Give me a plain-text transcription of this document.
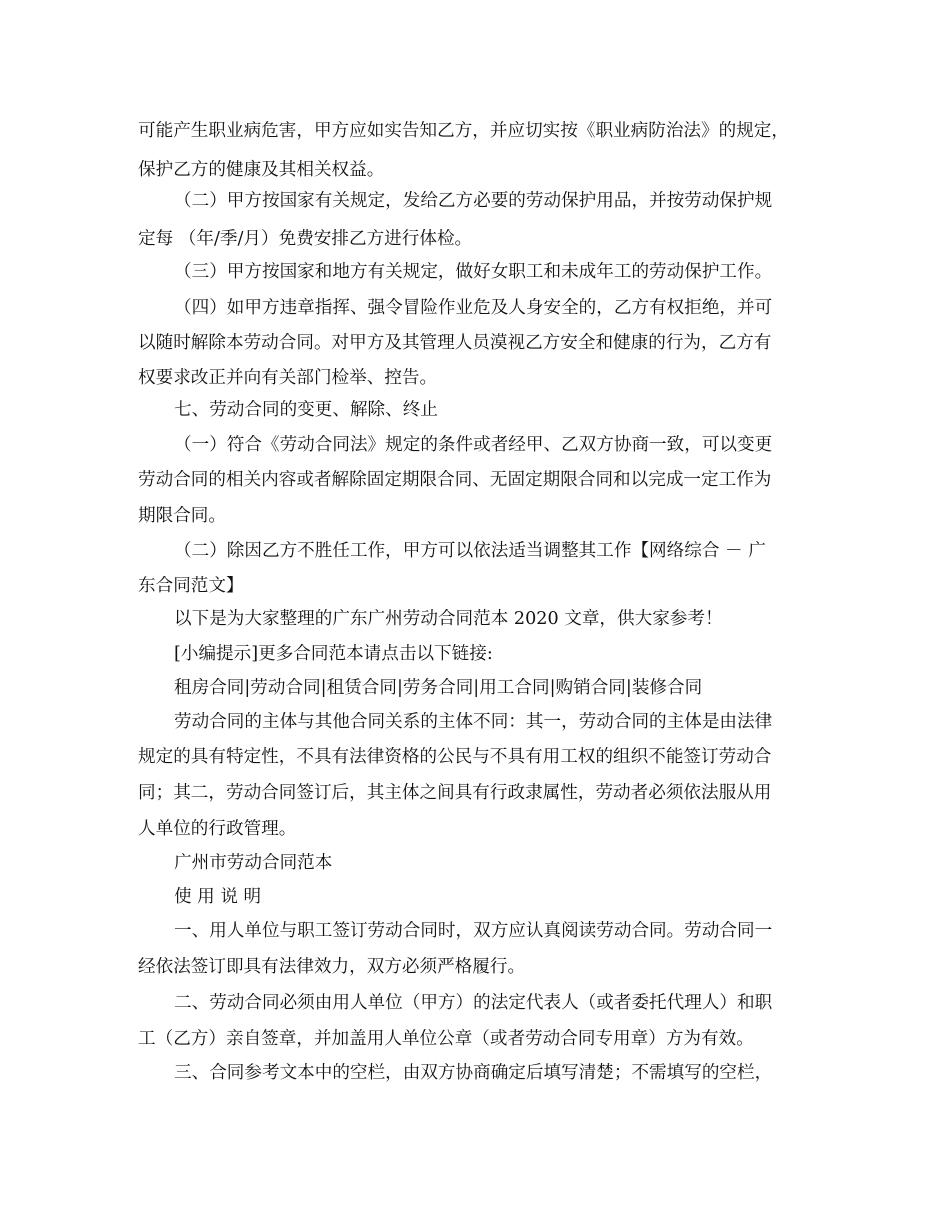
可能产生职业病危害，甲方应如实告知乙方，并应切实按《职业病防治法》的规定，
保护乙方的健康及其相关权益。
（二）甲方按国家有关规定，发给乙方必要的劳动保护用品，并按劳动保护规
定每 （年/季/月）免费安排乙方进行体检。
（三）甲方按国家和地方有关规定，做好女职工和未成年工的劳动保护工作。
（四）如甲方违章指挥、强令冒险作业危及人身安全的，乙方有权拒绝，并可
以随时解除本劳动合同。对甲方及其管理人员漠视乙方安全和健康的行为，乙方有
权要求改正并向有关部门检举、控告。
七、劳动合同的变更、解除、终止
（一）符合《劳动合同法》规定的条件或者经甲、乙双方协商一致，可以变更
劳动合同的相关内容或者解除固定期限合同、无固定期限合同和以完成一定工作为
期限合同。
（二）除因乙方不胜任工作，甲方可以依法适当调整其工作【网络综合 － 广
东合同范文】
以下是为大家整理的广东广州劳动合同范本 2020 文章，供大家参考！
[小编提示]更多合同范本请点击以下链接:
租房合同|劳动合同|租赁合同|劳务合同|用工合同|购销合同|装修合同
劳动合同的主体与其他合同关系的主体不同：其一，劳动合同的主体是由法律
规定的具有特定性，不具有法律资格的公民与不具有用工权的组织不能签订劳动合
同；其二，劳动合同签订后，其主体之间具有行政隶属性，劳动者必须依法服从用
人单位的行政管理。
广州市劳动合同范本
使 用 说 明
一、用人单位与职工签订劳动合同时，双方应认真阅读劳动合同。劳动合同一
经依法签订即具有法律效力，双方必须严格履行。
二、劳动合同必须由用人单位（甲方）的法定代表人（或者委托代理人）和职
工（乙方）亲自签章，并加盖用人单位公章（或者劳动合同专用章）方为有效。
三、合同参考文本中的空栏，由双方协商确定后填写清楚；不需填写的空栏，
